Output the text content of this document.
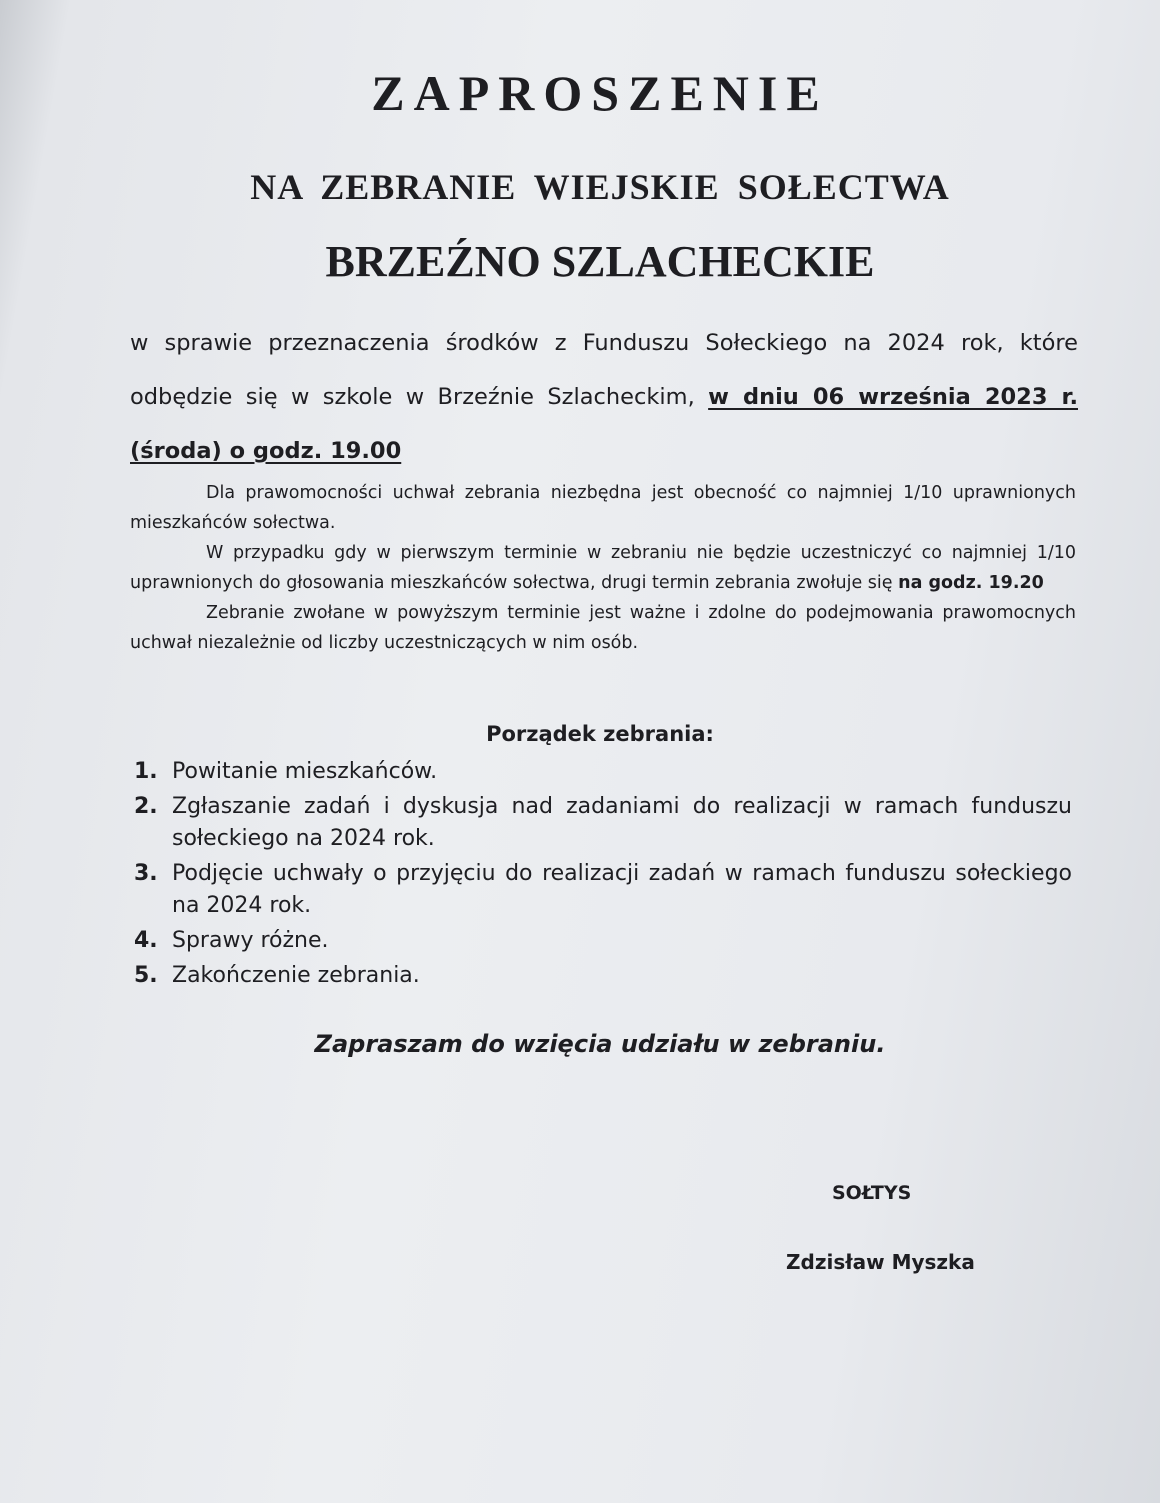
ZAPROSZENIE
NA ZEBRANIE WIEJSKIE SOŁECTWA
BRZEŹNO SZLACHECKIE

w sprawie przeznaczenia środków z Funduszu Sołeckiego na 2024 rok, które odbędzie się w szkole w Brzeźnie Szlacheckim, w dniu 06 września 2023 r. (środa) o godz. 19.00

Dla prawomocności uchwał zebrania niezbędna jest obecność co najmniej 1/10 uprawnionych mieszkańców sołectwa.

W przypadku gdy w pierwszym terminie w zebraniu nie będzie uczestniczyć co najmniej 1/10 uprawnionych do głosowania mieszkańców sołectwa, drugi termin zebrania zwołuje się na godz. 19.20

Zebranie zwołane w powyższym terminie jest ważne i zdolne do podejmowania prawomocnych uchwał niezależnie od liczby uczestniczących w nim osób.

Porządek zebrania:
1. Powitanie mieszkańców.
2. Zgłaszanie zadań i dyskusja nad zadaniami do realizacji w ramach funduszu sołeckiego na 2024 rok.
3. Podjęcie uchwały o przyjęciu do realizacji zadań w ramach funduszu sołeckiego na 2024 rok.
4. Sprawy różne.
5. Zakończenie zebrania.

Zapraszam do wzięcia udziału w zebraniu.

SOŁTYS

Zdzisław Myszka
